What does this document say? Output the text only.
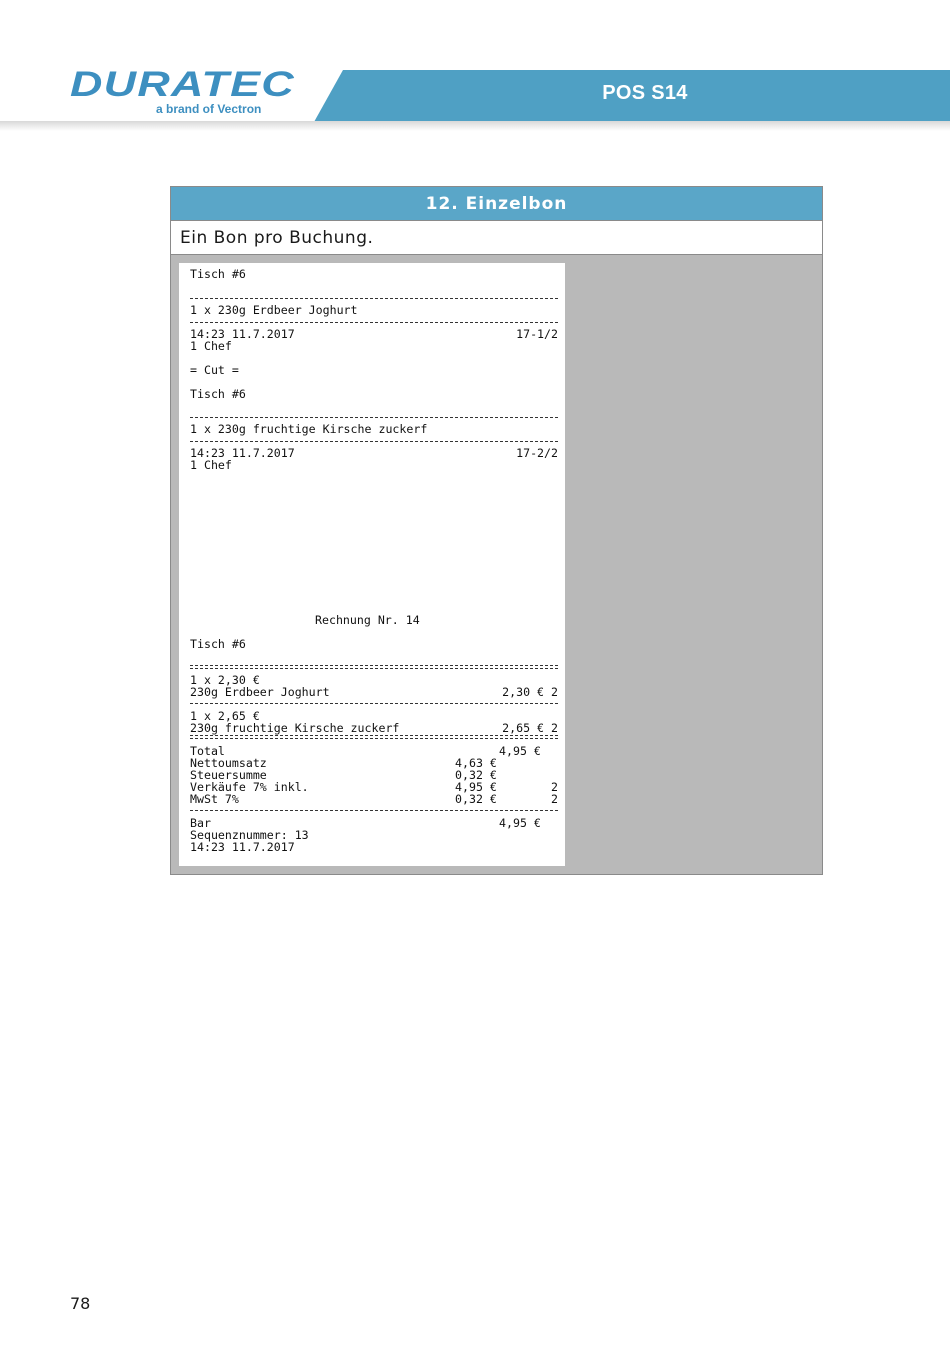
DURATEC
a brand of Vectron
POS S14
12. Einzelbon
Ein Bon pro Buchung.
Tisch #6
1 x 230g Erdbeer Joghurt
14:23 11.7.2017	17-1/2
1 Chef
= Cut =
Tisch #6
1 x 230g fruchtige Kirsche zuckerf
14:23 11.7.2017	17-2/2
1 Chef
Rechnung Nr. 14
Tisch #6
1 x 2,30 €
230g Erdbeer Joghurt	2,30 € 2
1 x 2,65 €
230g fruchtige Kirsche zuckerf	2,65 € 2
Total	4,95 €
Nettoumsatz	4,63 €
Steuersumme	0,32 €
Verkäufe 7% inkl.	4,95 €	2
MwSt 7%	0,32 €	2
Bar	4,95 €
Sequenznummer: 13
14:23 11.7.2017
78
